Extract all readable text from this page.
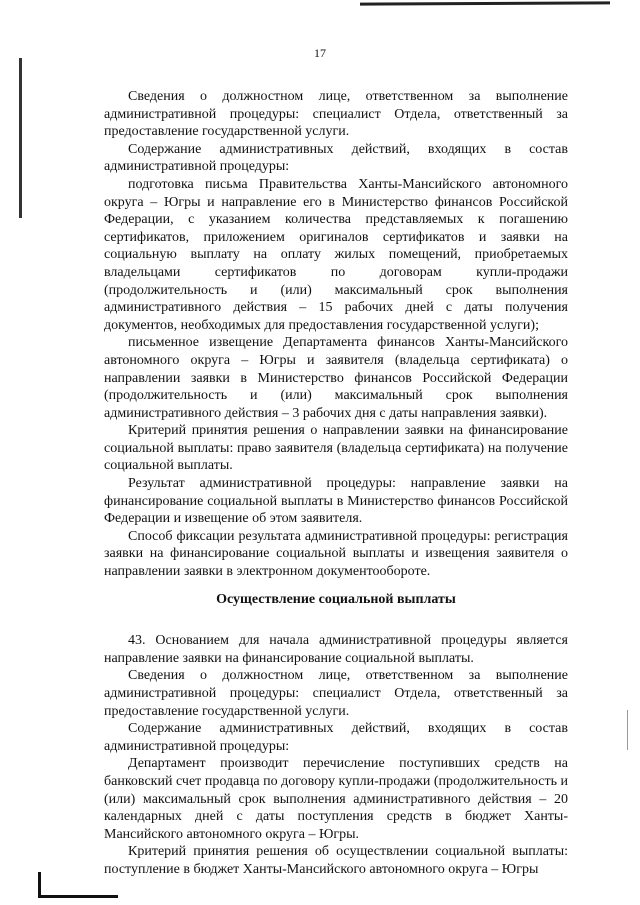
17

Сведения о должностном лице, ответственном за выполнение административной процедуры: специалист Отдела, ответственный за предоставление государственной услуги.

Содержание административных действий, входящих в состав административной процедуры:

подготовка письма Правительства Ханты-Мансийского автономного округа – Югры и направление его в Министерство финансов Российской Федерации, с указанием количества представляемых к погашению сертификатов, приложением оригиналов сертификатов и заявки на социальную выплату на оплату жилых помещений, приобретаемых владельцами сертификатов по договорам купли-продажи (продолжительность и (или) максимальный срок выполнения административного действия – 15 рабочих дней с даты получения документов, необходимых для предоставления государственной услуги);

письменное извещение Департамента финансов Ханты-Мансийского автономного округа – Югры и заявителя (владельца сертификата) о направлении заявки в Министерство финансов Российской Федерации (продолжительность и (или) максимальный срок выполнения административного действия – 3 рабочих дня с даты направления заявки).

Критерий принятия решения о направлении заявки на финансирование социальной выплаты: право заявителя (владельца сертификата) на получение социальной выплаты.

Результат административной процедуры: направление заявки на финансирование социальной выплаты в Министерство финансов Российской Федерации и извещение об этом заявителя.

Способ фиксации результата административной процедуры: регистрация заявки на финансирование социальной выплаты и извещения заявителя о направлении заявки в электронном документообороте.

Осуществление социальной выплаты

43. Основанием для начала административной процедуры является направление заявки на финансирование социальной выплаты.

Сведения о должностном лице, ответственном за выполнение административной процедуры: специалист Отдела, ответственный за предоставление государственной услуги.

Содержание административных действий, входящих в состав административной процедуры:

Департамент производит перечисление поступивших средств на банковский счет продавца по договору купли-продажи (продолжительность и (или) максимальный срок выполнения административного действия – 20 календарных дней с даты поступления средств в бюджет Ханты-Мансийского автономного округа – Югры.

Критерий принятия решения об осуществлении социальной выплаты: поступление в бюджет Ханты-Мансийского автономного округа – Югры
